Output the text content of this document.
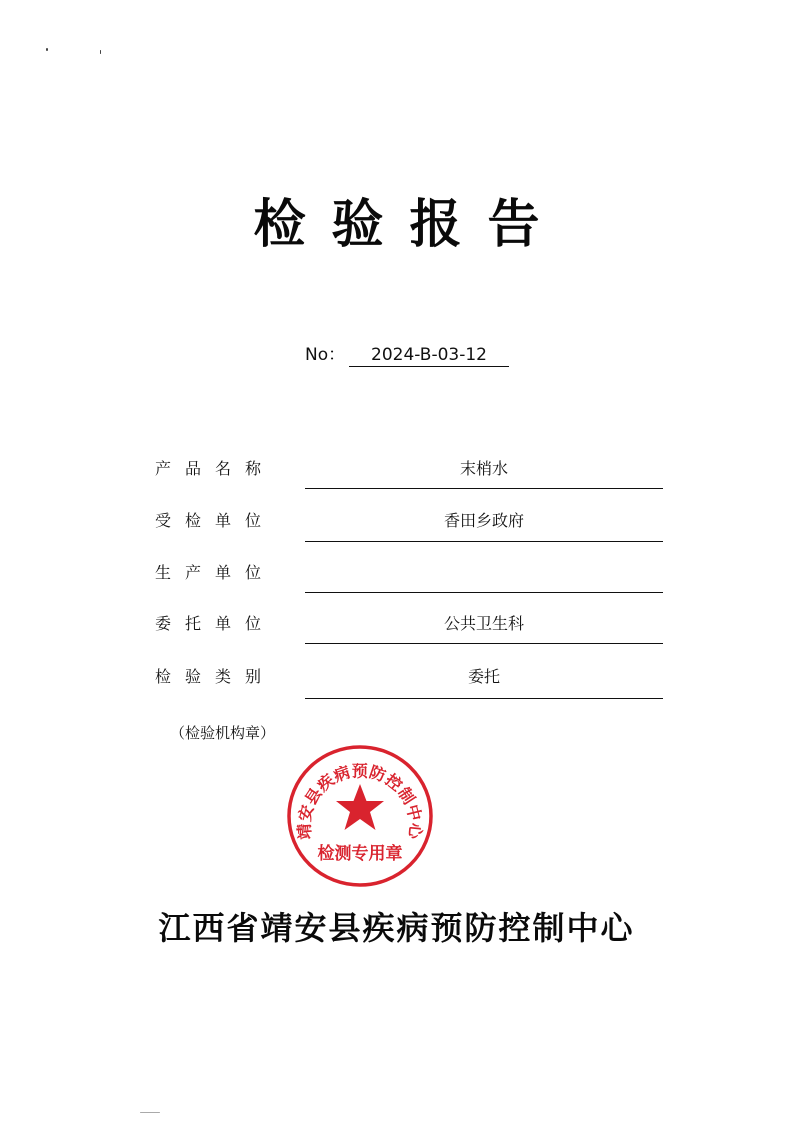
检验报告
No： 2024-B-03-12
产品名称	末梢水
受检单位	香田乡政府
生产单位
委托单位	公共卫生科
检验类别	委托
（检验机构章）
靖安县疾病预防控制中心
检测专用章
江西省靖安县疾病预防控制中心
